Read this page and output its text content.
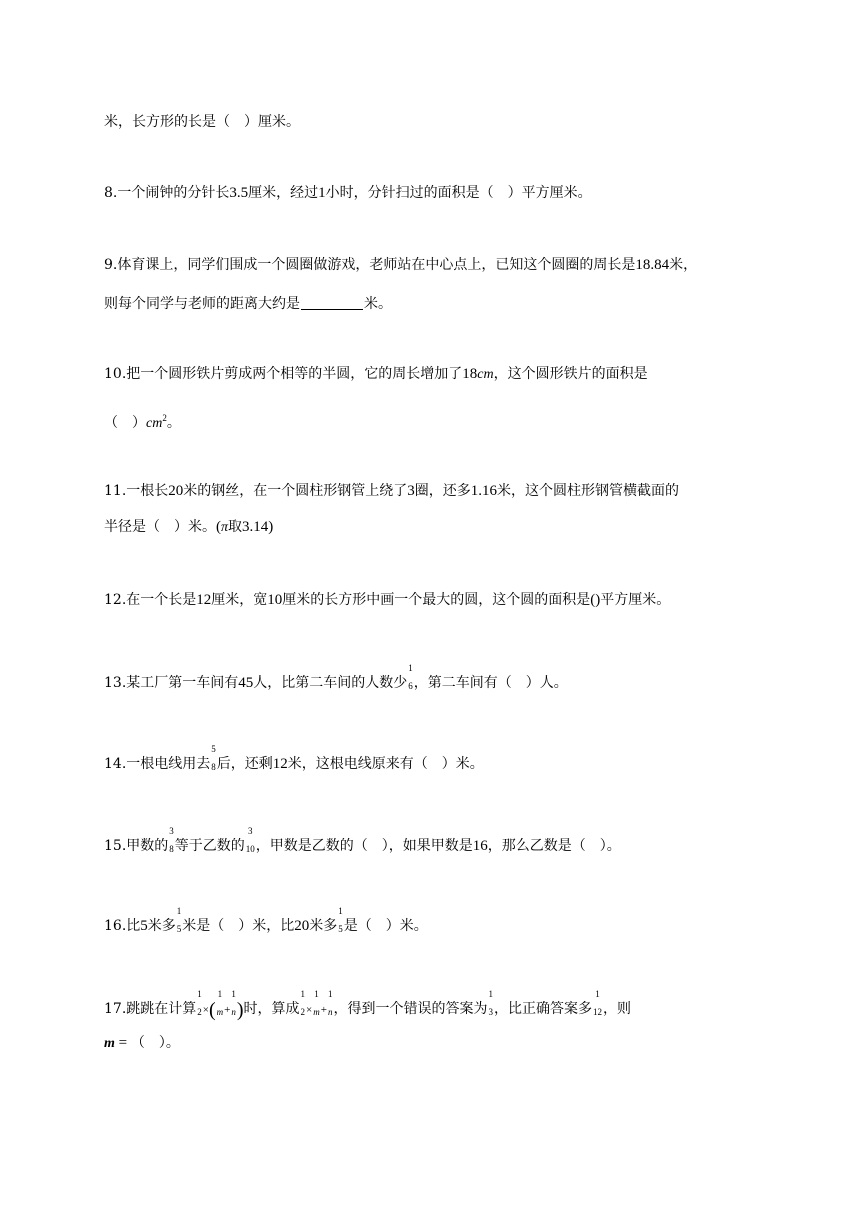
米，长方形的长是（　）厘米。
8.一个闹钟的分针长3.5厘米，经过1小时，分针扫过的面积是（　）平方厘米。
9.体育课上，同学们围成一个圆圈做游戏，老师站在中心点上，已知这个圆圈的周长是18.84米，
则每个同学与老师的距离大约是	米。
10.把一个圆形铁片剪成两个相等的半圆，它的周长增加了18cm，这个圆形铁片的面积是
（　）$cm^2$。
11.一根长20米的钢丝，在一个圆柱形钢管上绕了3圈，还多1.16米，这个圆柱形钢管横截面的
半径是（　）米。(π取3.14)
12.在一个长是12厘米，宽10厘米的长方形中画一个最大的圆，这个圆的面积是()平方厘米。
13.某工厂第一车间有45人，比第二车间的人数少
1
6 ，第二车间有（　）人。
14.一根电线用去
5
8 后，还剩12米，这根电线原来有（　）米。
15.甲数的
3
8 等于乙数的
3
10 ，甲数是乙数的（　），如果甲数是16，那么乙数是（　）。
16.比5米多
1
5 米是（　）米，比20米多
1
5 是（　）米。
17.跳跳在计算
1
2 ×(
1
m +
1
n )时，算成
1
2 ×
1
m +
1
n ，得到一个错误的答案为
1
3 ，比正确答案多
1
12 ，则
m = （　）。
